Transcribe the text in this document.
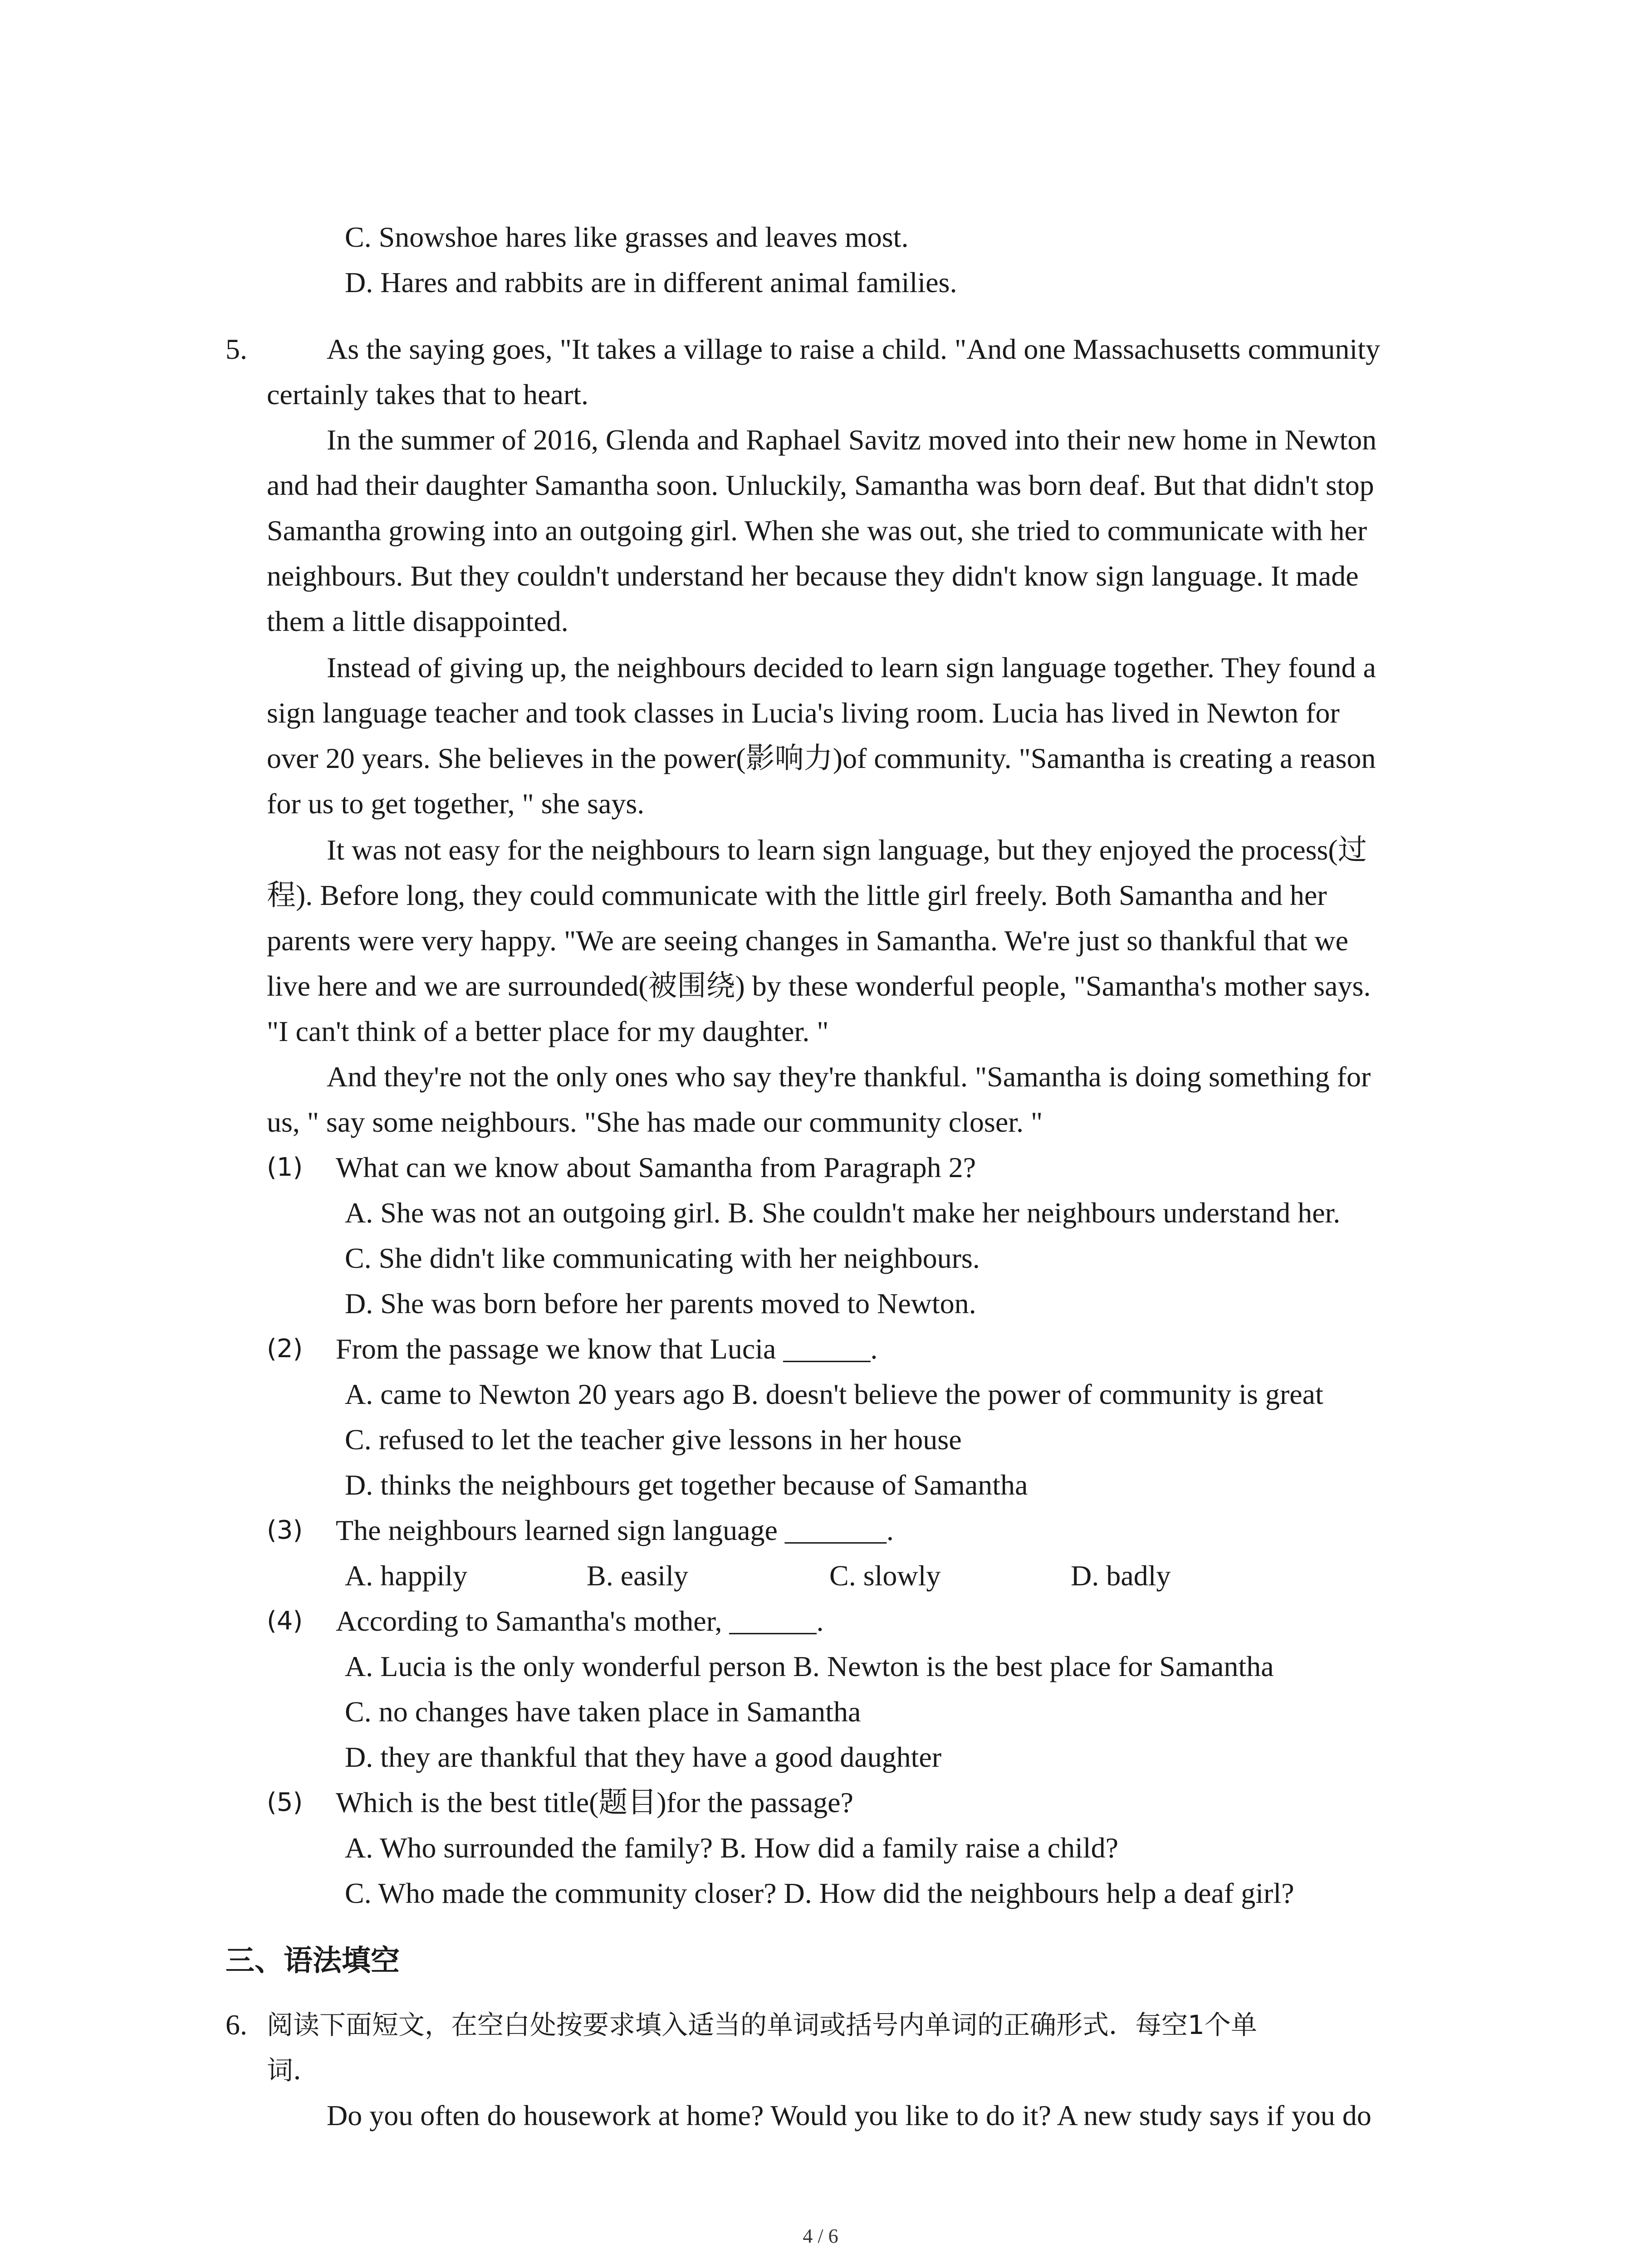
C. Snowshoe hares like grasses and leaves most.
D. Hares and rabbits are in different animal families.
5.	As the saying goes, "It takes a village to raise a child. "And one Massachusetts community
certainly takes that to heart.
In the summer of 2016, Glenda and Raphael Savitz moved into their new home in Newton
and had their daughter Samantha soon. Unluckily, Samantha was born deaf. But that didn't stop
Samantha growing into an outgoing girl. When she was out, she tried to communicate with her
neighbours. But they couldn't understand her because they didn't know sign language. It made
them a little disappointed.
Instead of giving up, the neighbours decided to learn sign language together. They found a
sign language teacher and took classes in Lucia's living room. Lucia has lived in Newton for
over 20 years. She believes in the power(影响力)of community. "Samantha is creating a reason
for us to get together, " she says.
It was not easy for the neighbours to learn sign language, but they enjoyed the process(过
程). Before long, they could communicate with the little girl freely. Both Samantha and her
parents were very happy. "We are seeing changes in Samantha. We're just so thankful that we
live here and we are surrounded(被围绕) by these wonderful people, "Samantha's mother says.
"I can't think of a better place for my daughter. "
And they're not the only ones who say they're thankful. "Samantha is doing something for
us, " say some neighbours. "She has made our community closer. "
(1) What can we know about Samantha from Paragraph 2?
A. She was not an outgoing girl. B. She couldn't make her neighbours understand her.
C. She didn't like communicating with her neighbours.
D. She was born before her parents moved to Newton.
(2) From the passage we know that Lucia ______.
A. came to Newton 20 years ago B. doesn't believe the power of community is great
C. refused to let the teacher give lessons in her house
D. thinks the neighbours get together because of Samantha
(3) The neighbours learned sign language _______.
A. happily	B. easily	C. slowly	D. badly
(4) According to Samantha's mother, ______.
A. Lucia is the only wonderful person B. Newton is the best place for Samantha
C. no changes have taken place in Samantha
D. they are thankful that they have a good daughter
(5) Which is the best title(题目)for the passage?
A. Who surrounded the family? B. How did a family raise a child?
C. Who made the community closer? D. How did the neighbours help a deaf girl?
三、语法填空
6. 阅读下面短文，在空白处按要求填入适当的单词或括号内单词的正确形式．每空1个单
词．
Do you often do housework at home? Would you like to do it? A new study says if you do
4 / 6
